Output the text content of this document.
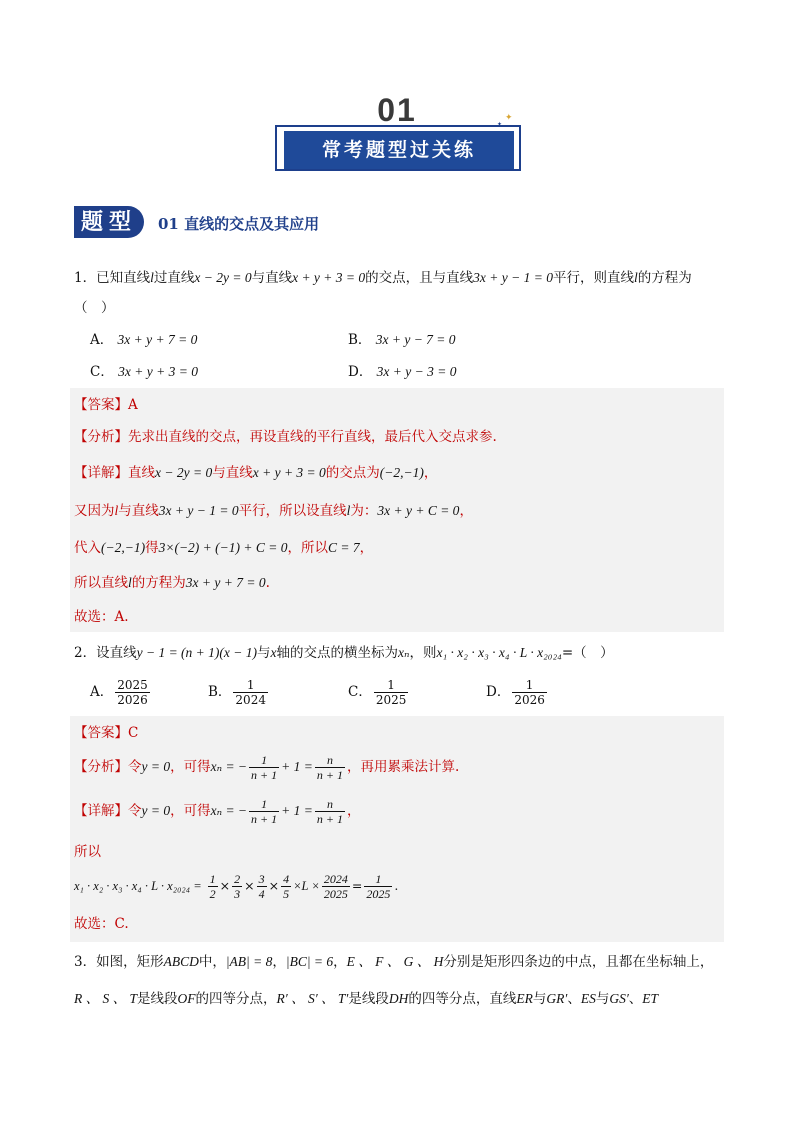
01	✦
✦
常考题型过关练
题型	01 直线的交点及其应用
1．已知直线l过直线x − 2y = 0与直线x + y + 3 = 0的交点，且与直线3x + y − 1 = 0平行，则直线l的方程为
（　）
A． 3x + y + 7 = 0	B． 3x + y − 7 = 0
C． 3x + y + 3 = 0	D． 3x + y − 3 = 0
【答案】A
【分析】先求出直线的交点，再设直线的平行直线，最后代入交点求参.
【详解】直线x − 2y = 0与直线x + y + 3 = 0的交点为(−2,−1)，
又因为l与直线3x + y − 1 = 0平行，所以设直线l为：3x + y + C = 0，
代入(−2,−1)得3×(−2) + (−1) + C = 0，所以C = 7，
所以直线l的方程为3x + y + 7 = 0.
故选：A.
2．设直线y − 1 = (n + 1)(x − 1)与x轴的交点的横坐标为xₙ，则x₁ · x₂ · x₃ · x₄ · L · x₂₀₂₄=（　）
A． $\frac{2025}{2026}$	B． $\frac{1}{2024}$	C． $\frac{1}{2025}$	D． $\frac{1}{2026}$
【答案】C
【分析】令y = 0，可得xₙ = − $\frac{1}{n + 1} + 1 = \frac{n}{n + 1}$ ，再用累乘法计算.
【详解】令y = 0，可得xₙ = − $\frac{1}{n + 1} + 1 = \frac{n}{n + 1}$ ，
所以
$x_1 \cdot x_2 \cdot x_3 \cdot x_4 \cdot L \cdot x_{2024} = \frac{1}{2} \times \frac{2}{3} \times \frac{3}{4} \times \frac{4}{5} \times L \times \frac{2024}{2025} = \frac{1}{2025}$ .
故选：C.
3．如图，矩形ABCD中，|AB| = 8，|BC| = 6，E 、 F 、 G 、 H分别是矩形四条边的中点，且都在坐标轴上，
R 、 S 、 T是线段OF的四等分点，R′ 、 S′ 、 T′是线段DH的四等分点，直线ER与GR′、ES与GS′、ET
